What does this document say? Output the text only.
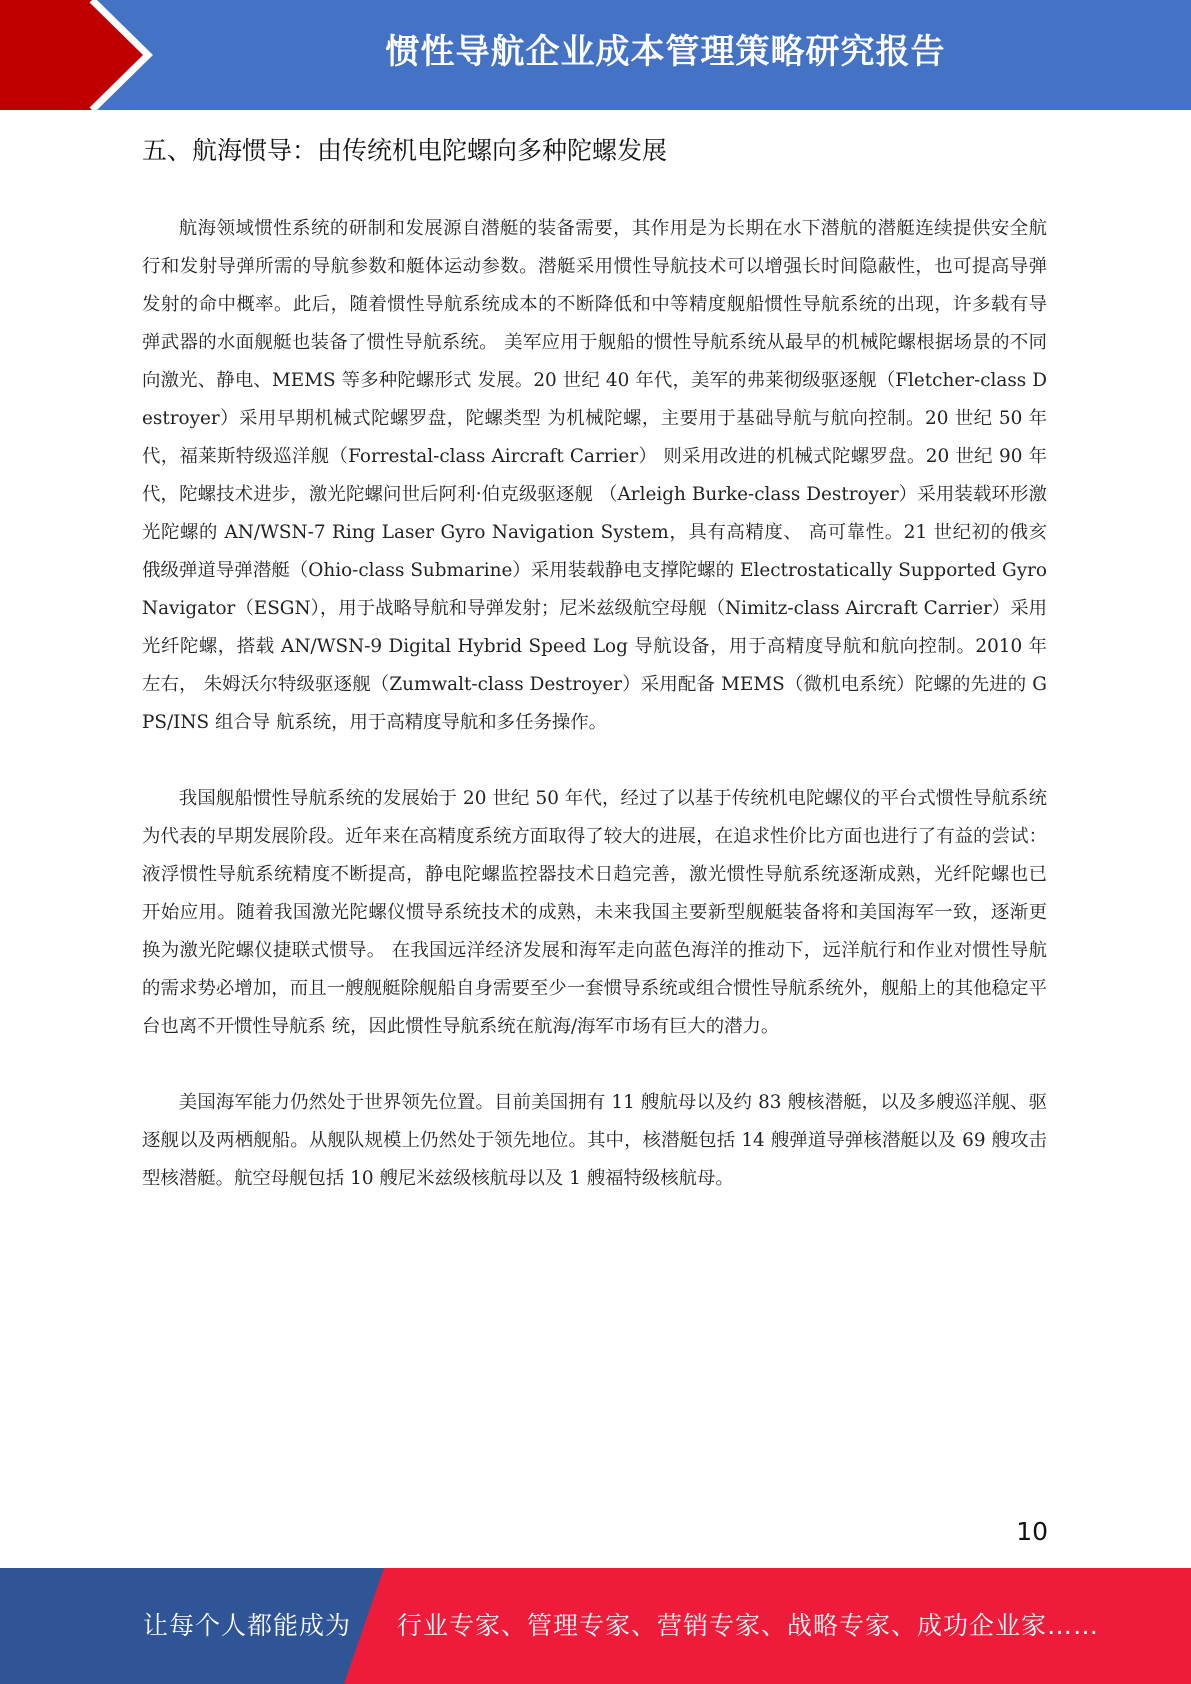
惯性导航企业成本管理策略研究报告
五、航海惯导：由传统机电陀螺向多种陀螺发展

航海领域惯性系统的研制和发展源自潜艇的装备需要，其作用是为长期在水下潜航的潜艇连续提供安全航 行和发射导弹所需的导航参数和艇体运动参数。潜艇采用惯性导航技术可以增强长时间隐蔽性，也可提高导弹 发射的命中概率。此后，随着惯性导航系统成本的不断降低和中等精度舰船惯性导航系统的出现，许多载有导 弹武器的水面舰艇也装备了惯性导航系统。 美军应用于舰船的惯性导航系统从最早的机械陀螺根据场景的不同向激光、静电、MEMS 等多种陀螺形式 发展。20 世纪 40 年代，美军的弗莱彻级驱逐舰（Fletcher-class Destroyer）采用早期机械式陀螺罗盘，陀螺类型 为机械陀螺，主要用于基础导航与航向控制。20 世纪 50 年代，福莱斯特级巡洋舰（Forrestal-class Aircraft Carrier） 则采用改进的机械式陀螺罗盘。20 世纪 90 年代，陀螺技术进步，激光陀螺问世后阿利·伯克级驱逐舰 （Arleigh Burke-class Destroyer）采用装载环形激光陀螺的 AN/WSN-7 Ring Laser Gyro Navigation System，具有高精度、 高可靠性。21 世纪初的俄亥俄级弹道导弹潜艇（Ohio-class Submarine）采用装载静电支撑陀螺的 Electrostatically Supported Gyro Navigator（ESGN），用于战略导航和导弹发射；尼米兹级航空母舰（Nimitz-class Aircraft Carrier）采用光纤陀螺，搭载 AN/WSN-9 Digital Hybrid Speed Log 导航设备，用于高精度导航和航向控制。2010 年左右， 朱姆沃尔特级驱逐舰（Zumwalt-class Destroyer）采用配备 MEMS（微机电系统）陀螺的先进的 GPS/INS 组合导 航系统，用于高精度导航和多任务操作。

我国舰船惯性导航系统的发展始于 20 世纪 50 年代，经过了以基于传统机电陀螺仪的平台式惯性导航系统 为代表的早期发展阶段。近年来在高精度系统方面取得了较大的进展，在追求性价比方面也进行了有益的尝试： 液浮惯性导航系统精度不断提高，静电陀螺监控器技术日趋完善，激光惯性导航系统逐渐成熟，光纤陀螺也已 开始应用。随着我国激光陀螺仪惯导系统技术的成熟，未来我国主要新型舰艇装备将和美国海军一致，逐渐更 换为激光陀螺仪捷联式惯导。 在我国远洋经济发展和海军走向蓝色海洋的推动下，远洋航行和作业对惯性导航的需求势必增加，而且一艘舰艇除舰船自身需要至少一套惯导系统或组合惯性导航系统外，舰船上的其他稳定平台也离不开惯性导航系 统，因此惯性导航系统在航海/海军市场有巨大的潜力。

美国海军能力仍然处于世界领先位置。目前美国拥有 11 艘航母以及约 83 艘核潜艇，以及多艘巡洋舰、驱 逐舰以及两栖舰船。从舰队规模上仍然处于领先地位。其中，核潜艇包括 14 艘弹道导弹核潜艇以及 69 艘攻击 型核潜艇。航空母舰包括 10 艘尼米兹级核航母以及 1 艘福特级核航母。

10
让每个人都能成为 行业专家、管理专家、营销专家、战略专家、成功企业家……
